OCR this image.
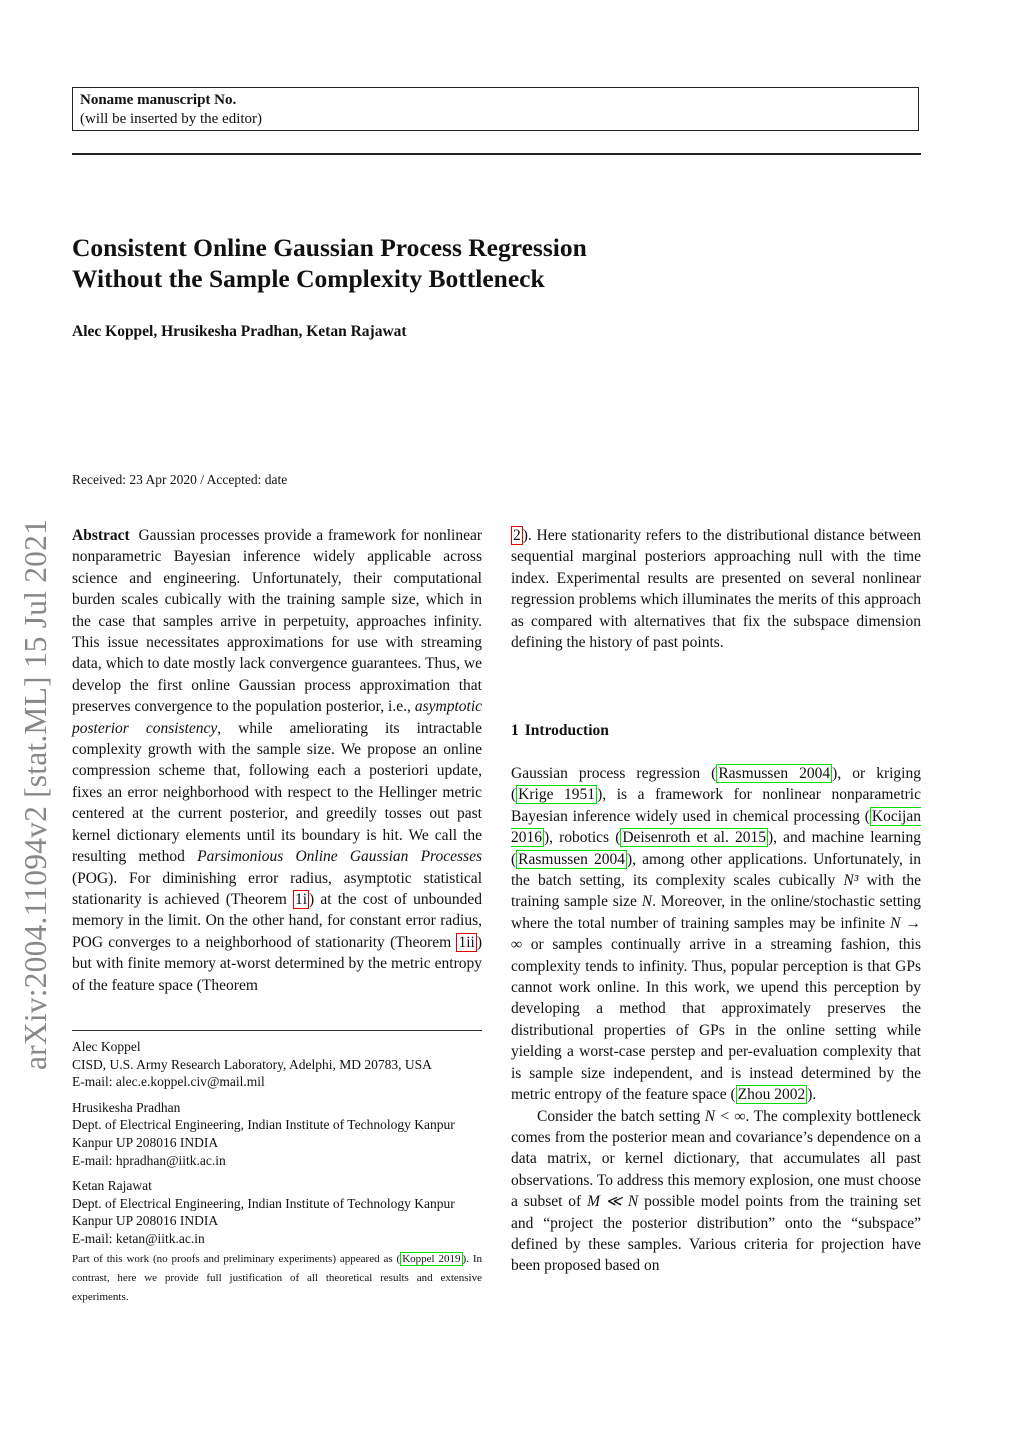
Noname manuscript No.
(will be inserted by the editor)
Consistent Online Gaussian Process Regression
Without the Sample Complexity Bottleneck
Alec Koppel, Hrusikesha Pradhan, Ketan Rajawat
arXiv:2004.11094v2 [stat.ML] 15 Jul 2021
Received: 23 Apr 2020 / Accepted: date

Abstract Gaussian processes provide a framework for nonlinear nonparametric Bayesian inference widely applicable across science and engineering. Unfortunately, their computational burden scales cubically with the training sample size, which in the case that samples arrive in perpetuity, approaches infinity. This issue necessitates approximations for use with streaming data, which to date mostly lack convergence guarantees. Thus, we develop the first online Gaussian process approximation that preserves convergence to the population posterior, i.e., asymptotic posterior consistency, while ameliorating its intractable complexity growth with the sample size. We propose an online compression scheme that, following each a posteriori update, fixes an error neighborhood with respect to the Hellinger metric centered at the current posterior, and greedily tosses out past kernel dictionary elements until its boundary is hit. We call the resulting method Parsimonious Online Gaussian Processes (POG). For diminishing error radius, asymptotic statistical stationarity is achieved (Theorem 1i ) at the cost of unbounded memory in the limit. On the other hand, for constant error radius, POG converges to a neighborhood of stationarity (Theorem 1ii ) but with finite memory at-worst determined by the metric entropy of the feature space (Theorem

2 ). Here stationarity refers to the distributional distance between sequential marginal posteriors approaching null with the time index. Experimental results are presented on several nonlinear regression problems which illuminates the merits of this approach as compared with alternatives that fix the subspace dimension defining the history of past points.

1 Introduction

Gaussian process regression ( Rasmussen 2004 ), or kriging ( Krige 1951 ), is a framework for nonlinear nonparametric Bayesian inference widely used in chemical processing ( Kocijan 2016 ), robotics ( Deisenroth et al. 2015 ), and machine learning ( Rasmussen 2004 ), among other applications. Unfortunately, in the batch setting, its complexity scales cubically N³ with the training sample size N. Moreover, in the online/stochastic setting where the total number of training samples may be infinite N → ∞ or samples continually arrive in a streaming fashion, this complexity tends to infinity. Thus, popular perception is that GPs cannot work online. In this work, we upend this perception by developing a method that approximately preserves the distributional properties of GPs in the online setting while yielding a worst-case perstep and per-evaluation complexity that is sample size independent, and is instead determined by the metric entropy of the feature space ( Zhou 2002 ).

Consider the batch setting N < ∞. The complexity bottleneck comes from the posterior mean and covariance’s dependence on a data matrix, or kernel dictionary, that accumulates all past observations. To address this memory explosion, one must choose a subset of M ≪ N possible model points from the training set and “project the posterior distribution” onto the “subspace” defined by these samples. Various criteria for projection have been proposed based on

Alec Koppel
CISD, U.S. Army Research Laboratory, Adelphi, MD 20783, USA
E-mail: alec.e.koppel.civ@mail.mil
Hrusikesha Pradhan
Dept. of Electrical Engineering, Indian Institute of Technology Kanpur
Kanpur UP 208016 INDIA
E-mail: hpradhan@iitk.ac.in
Ketan Rajawat
Dept. of Electrical Engineering, Indian Institute of Technology Kanpur
Kanpur UP 208016 INDIA
E-mail: ketan@iitk.ac.in
Part of this work (no proofs and preliminary experiments) appeared as ( Koppel 2019 ). In contrast, here we provide full justification of all theoretical results and extensive experiments.
